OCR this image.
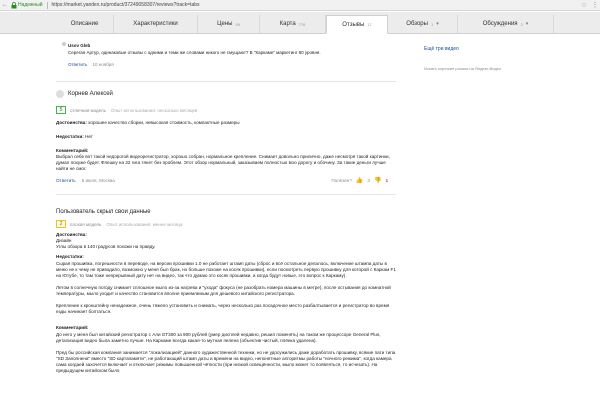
←	Надежный https://market.yandex.ru/product/37249058307/reviews?track=tabs	☆ ⋮
Описание	Характеристики	Цены 59	Карта 776	Отзывы 17	Обзоры 1 ▾	Обсуждения 2 ▾
Ещё три видео
Искать короткие ролики на Яндекс.Видео
Usov Gleb
Серегая Артур, одинаковые отзывы с одними и теми же словами никого не смущают? В "Каркаме" маркетинг 80 уровня.
Ответить 10 ноября
Корнев Алексей
5	отличная модель Опыт использования: несколько месяцев
Достоинства: хорошее качество сборки, невысокая стоимость, компактные размеры
Недостатки: Нет
Комментарий:
Выбрал себе вот такой недорогой видеорегистратор, хорошо собран, нормальное крепление. Снимает довольно прилично, даже несмотря такой картинки, думал похуже будет. Флешку на 32 гига тянет без проблем. Этот обзор нормальный, заказываем полностью всю дорогу и обочину. За такие деньги лучше найти не смог.
Ответить 6 июля, Москва	Полезен? 👍 3 👎 1
Пользователь скрыл свои данные
2	плохая модель Опыт использования: менее месяца
Достоинства:
Дизайн
Углы обзора в 140 градусов похожи на правду.
Недостатки:
Сырая прошивка, погрешности в переводе, на версии прошивки 1.0 не работает штамп даты (сброс и всё остальное делалось, включение штампа даты в меню не к чему не приводило, возможно у меня был брак, но больше похоже на косяк прошивки), если посмотреть первую прошивку для которой с Каркам F1 на Ютубе, то там тоже непрерывный дату нет на видео, так что думаю это косяк прошивки, а когда будут новые, это вопрос к Каркаму).
Летом в солнечную погоду снимает сплошное мыло из-за нагрева и "ухода" фокуса (не разобрать номера машины в метре), после остывания до комнатной температуры, мыло уходит и качество становится вполне приемлемым для дешевого китайского регистратора.
Крепление к кронштейну ненадежное, очень тяжело установить и снимать, через несколько раз посадочное место разбалтывается и регистратор во время езды начинает болтаться.
Комментарий:
До него у меня был китайский регистратор с Али GT300 за 900 рублей (умер дисплей недавно, решил поменять) на таком же процессоре General Plus, детализация видео была заметно лучше. На Каркаме всегда какая-то мутная пелена (объектив чистый, плёнка удалена).
Пред бы российская компания занимается "локализацией" данного худажественной техники, но не удосужились даже доработать прошивку, всякие пати типа "SD Заполнена" вместо "SD картапамяти", не работающий штамп даты и времени на видео, непонятные алгоритмы работы "ночного режима", когда камера сама когдаей захочется включает и отключает режимы повышенной чёткости (при низкой освещённости, мыло может то появляться, то исчезать). На предыдущем китайском было
